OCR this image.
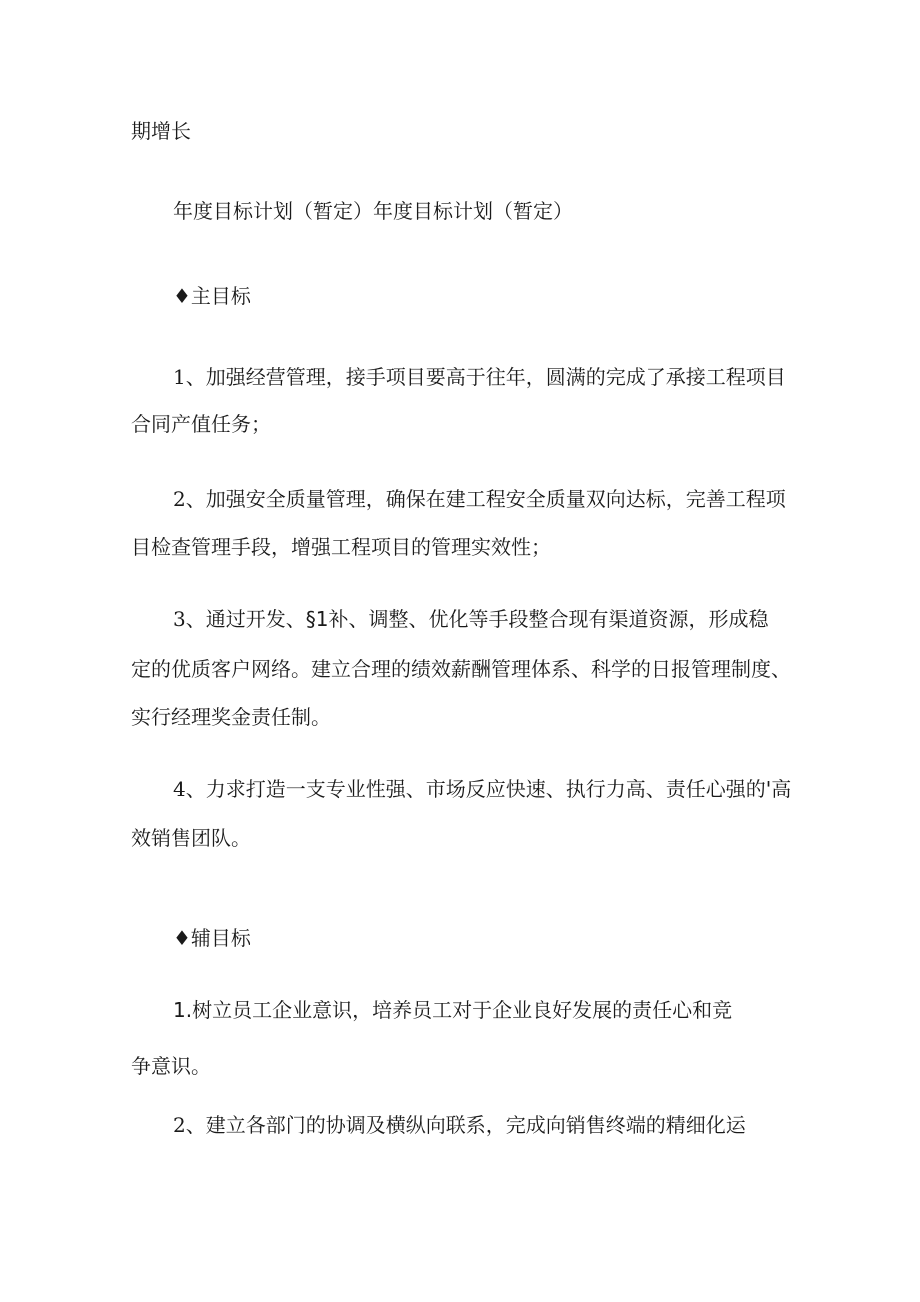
期增长
年度目标计划（暂定）年度目标计划（暂定）
♦主目标
1、加强经营管理，接手项目要高于往年，圆满的完成了承接工程项目
合同产值任务；
2、加强安全质量管理，确保在建工程安全质量双向达标，完善工程项
目检查管理手段，增强工程项目的管理实效性；
3、通过开发、§1补、调整、优化等手段整合现有渠道资源，形成稳
定的优质客户网络。建立合理的绩效薪酬管理体系、科学的日报管理制度、
实行经理奖金责任制。
4、力求打造一支专业性强、市场反应快速、执行力高、责任心强的'高
效销售团队。
♦辅目标
1.树立员工企业意识，培养员工对于企业良好发展的责任心和竞
争意识。
2、建立各部门的协调及横纵向联系，完成向销售终端的精细化运
